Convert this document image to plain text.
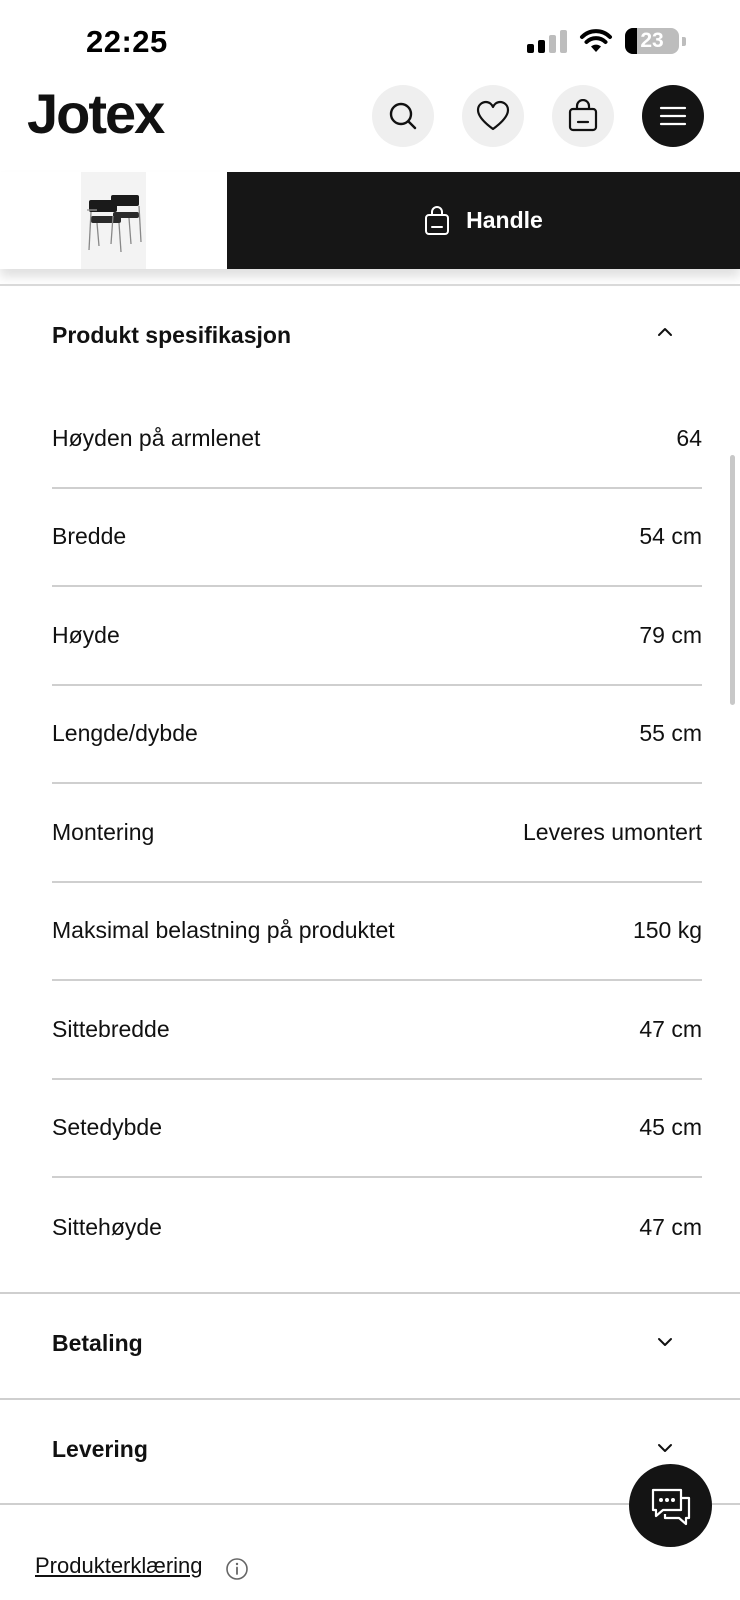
22:25	23
Jotex
Handle
Produkt spesifikasjon
Høyden på armlenet	64
Bredde	54 cm
Høyde	79 cm
Lengde/dybde	55 cm
Montering	Leveres umontert
Maksimal belastning på produktet	150 kg
Sittebredde	47 cm
Setedybde	45 cm
Sittehøyde	47 cm
Betaling
Levering
Produkterklæring
